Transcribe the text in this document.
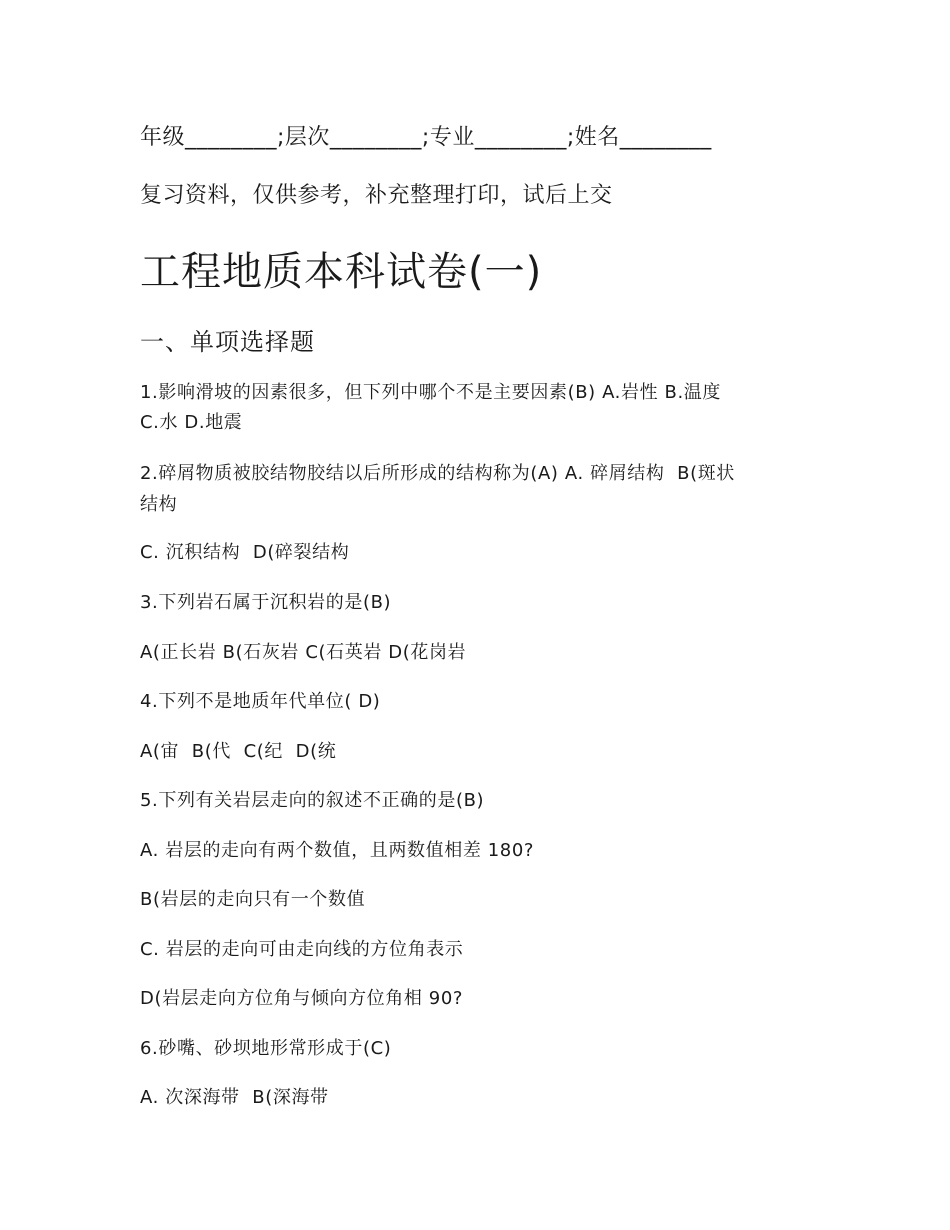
年级________;层次________;专业________;姓名________
复习资料，仅供参考，补充整理打印，试后上交
工程地质本科试卷(一)
一、单项选择题
1.影响滑坡的因素很多，但下列中哪个不是主要因素(B) A.岩性 B.温度
C.水 D.地震
2.碎屑物质被胶结物胶结以后所形成的结构称为(A) A. 碎屑结构  B(斑状
结构
C. 沉积结构  D(碎裂结构
3.下列岩石属于沉积岩的是(B)
A(正长岩 B(石灰岩 C(石英岩 D(花岗岩
4.下列不是地质年代单位( D)
A(宙  B(代  C(纪  D(统
5.下列有关岩层走向的叙述不正确的是(B)
A. 岩层的走向有两个数值，且两数值相差 180?
B(岩层的走向只有一个数值
C. 岩层的走向可由走向线的方位角表示
D(岩层走向方位角与倾向方位角相 90?
6.砂嘴、砂坝地形常形成于(C)
A. 次深海带  B(深海带
